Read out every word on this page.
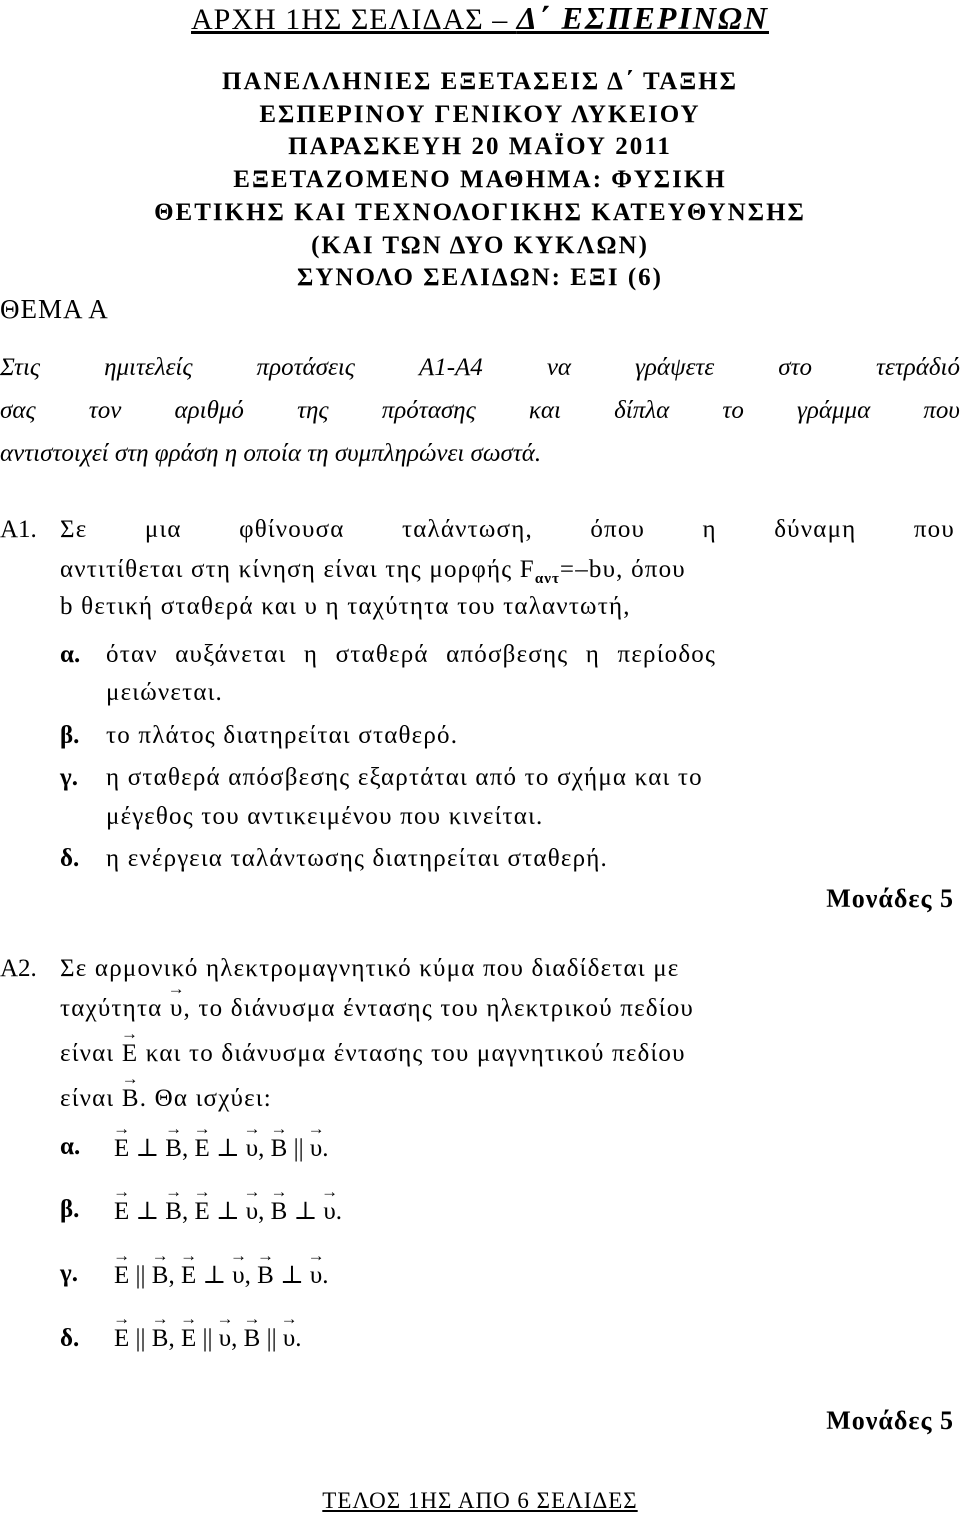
ΑΡΧΗ 1ΗΣ ΣΕΛΙΔΑΣ – Δ΄ ΕΣΠΕΡΙΝΩΝ
ΠΑΝΕΛΛΗΝΙΕΣ ΕΞΕΤΑΣΕΙΣ Δ΄ ΤΑΞΗΣ
ΕΣΠΕΡΙΝΟΥ ΓΕΝΙΚΟΥ ΛΥΚΕΙΟΥ
ΠΑΡΑΣΚΕΥΗ 20 ΜΑΪΟΥ 2011
ΕΞΕΤΑΖΟΜΕΝΟ ΜΑΘΗΜΑ: ΦΥΣΙΚΗ
ΘΕΤΙΚΗΣ ΚΑΙ ΤΕΧΝΟΛΟΓΙΚΗΣ ΚΑΤΕΥΘΥΝΣΗΣ
(ΚΑΙ ΤΩΝ ΔΥΟ ΚΥΚΛΩΝ)
ΣΥΝΟΛΟ ΣΕΛΙΔΩΝ: ΕΞΙ (6)
ΘΕΜΑ Α
Στις	ημιτελείς	προτάσεις	Α1-Α4	να	γράψετε	στο	τετράδιό
σας τον αριθμό της πρότασης και δίπλα το γράμμα που
αντιστοιχεί στη φράση η οποία τη συμπληρώνει σωστά.
Α1. Σε μια φθίνουσα ταλάντωση, όπου η δύναμη που
αντιτίθεται στη κίνηση είναι της μορφής $F_{\alpha\nu\tau}=-b\upsilon$, όπου
b θετική σταθερά και υ η ταχύτητα του ταλαντωτή,
α. όταν αυξάνεται η σταθερά απόσβεσης η περίοδος
μειώνεται.
β. το πλάτος διατηρείται σταθερό.
γ. η σταθερά απόσβεσης εξαρτάται από το σχήμα και το
μέγεθος του αντικειμένου που κινείται.
δ. η ενέργεια ταλάντωσης διατηρείται σταθερή.
Μονάδες 5
Α2. Σε αρμονικό ηλεκτρομαγνητικό κύμα που διαδίδεται με
ταχύτητα → υ, το διάνυσμα έντασης του ηλεκτρικού πεδίου
είναι → E και το διάνυσμα έντασης του μαγνητικού πεδίου
είναι → B. Θα ισχύει:
α. → E ⊥ → B, → E ⊥ → υ, → B || → υ.
β. → E ⊥ → B, → E ⊥ → υ, → B ⊥ → υ.
γ. → E || → B, → E ⊥ → υ, → B ⊥ → υ.
δ. → E || → B, → E || → υ, → B || → υ.
Μονάδες 5
ΤΕΛΟΣ 1ΗΣ ΑΠΟ 6 ΣΕΛΙΔΕΣ
